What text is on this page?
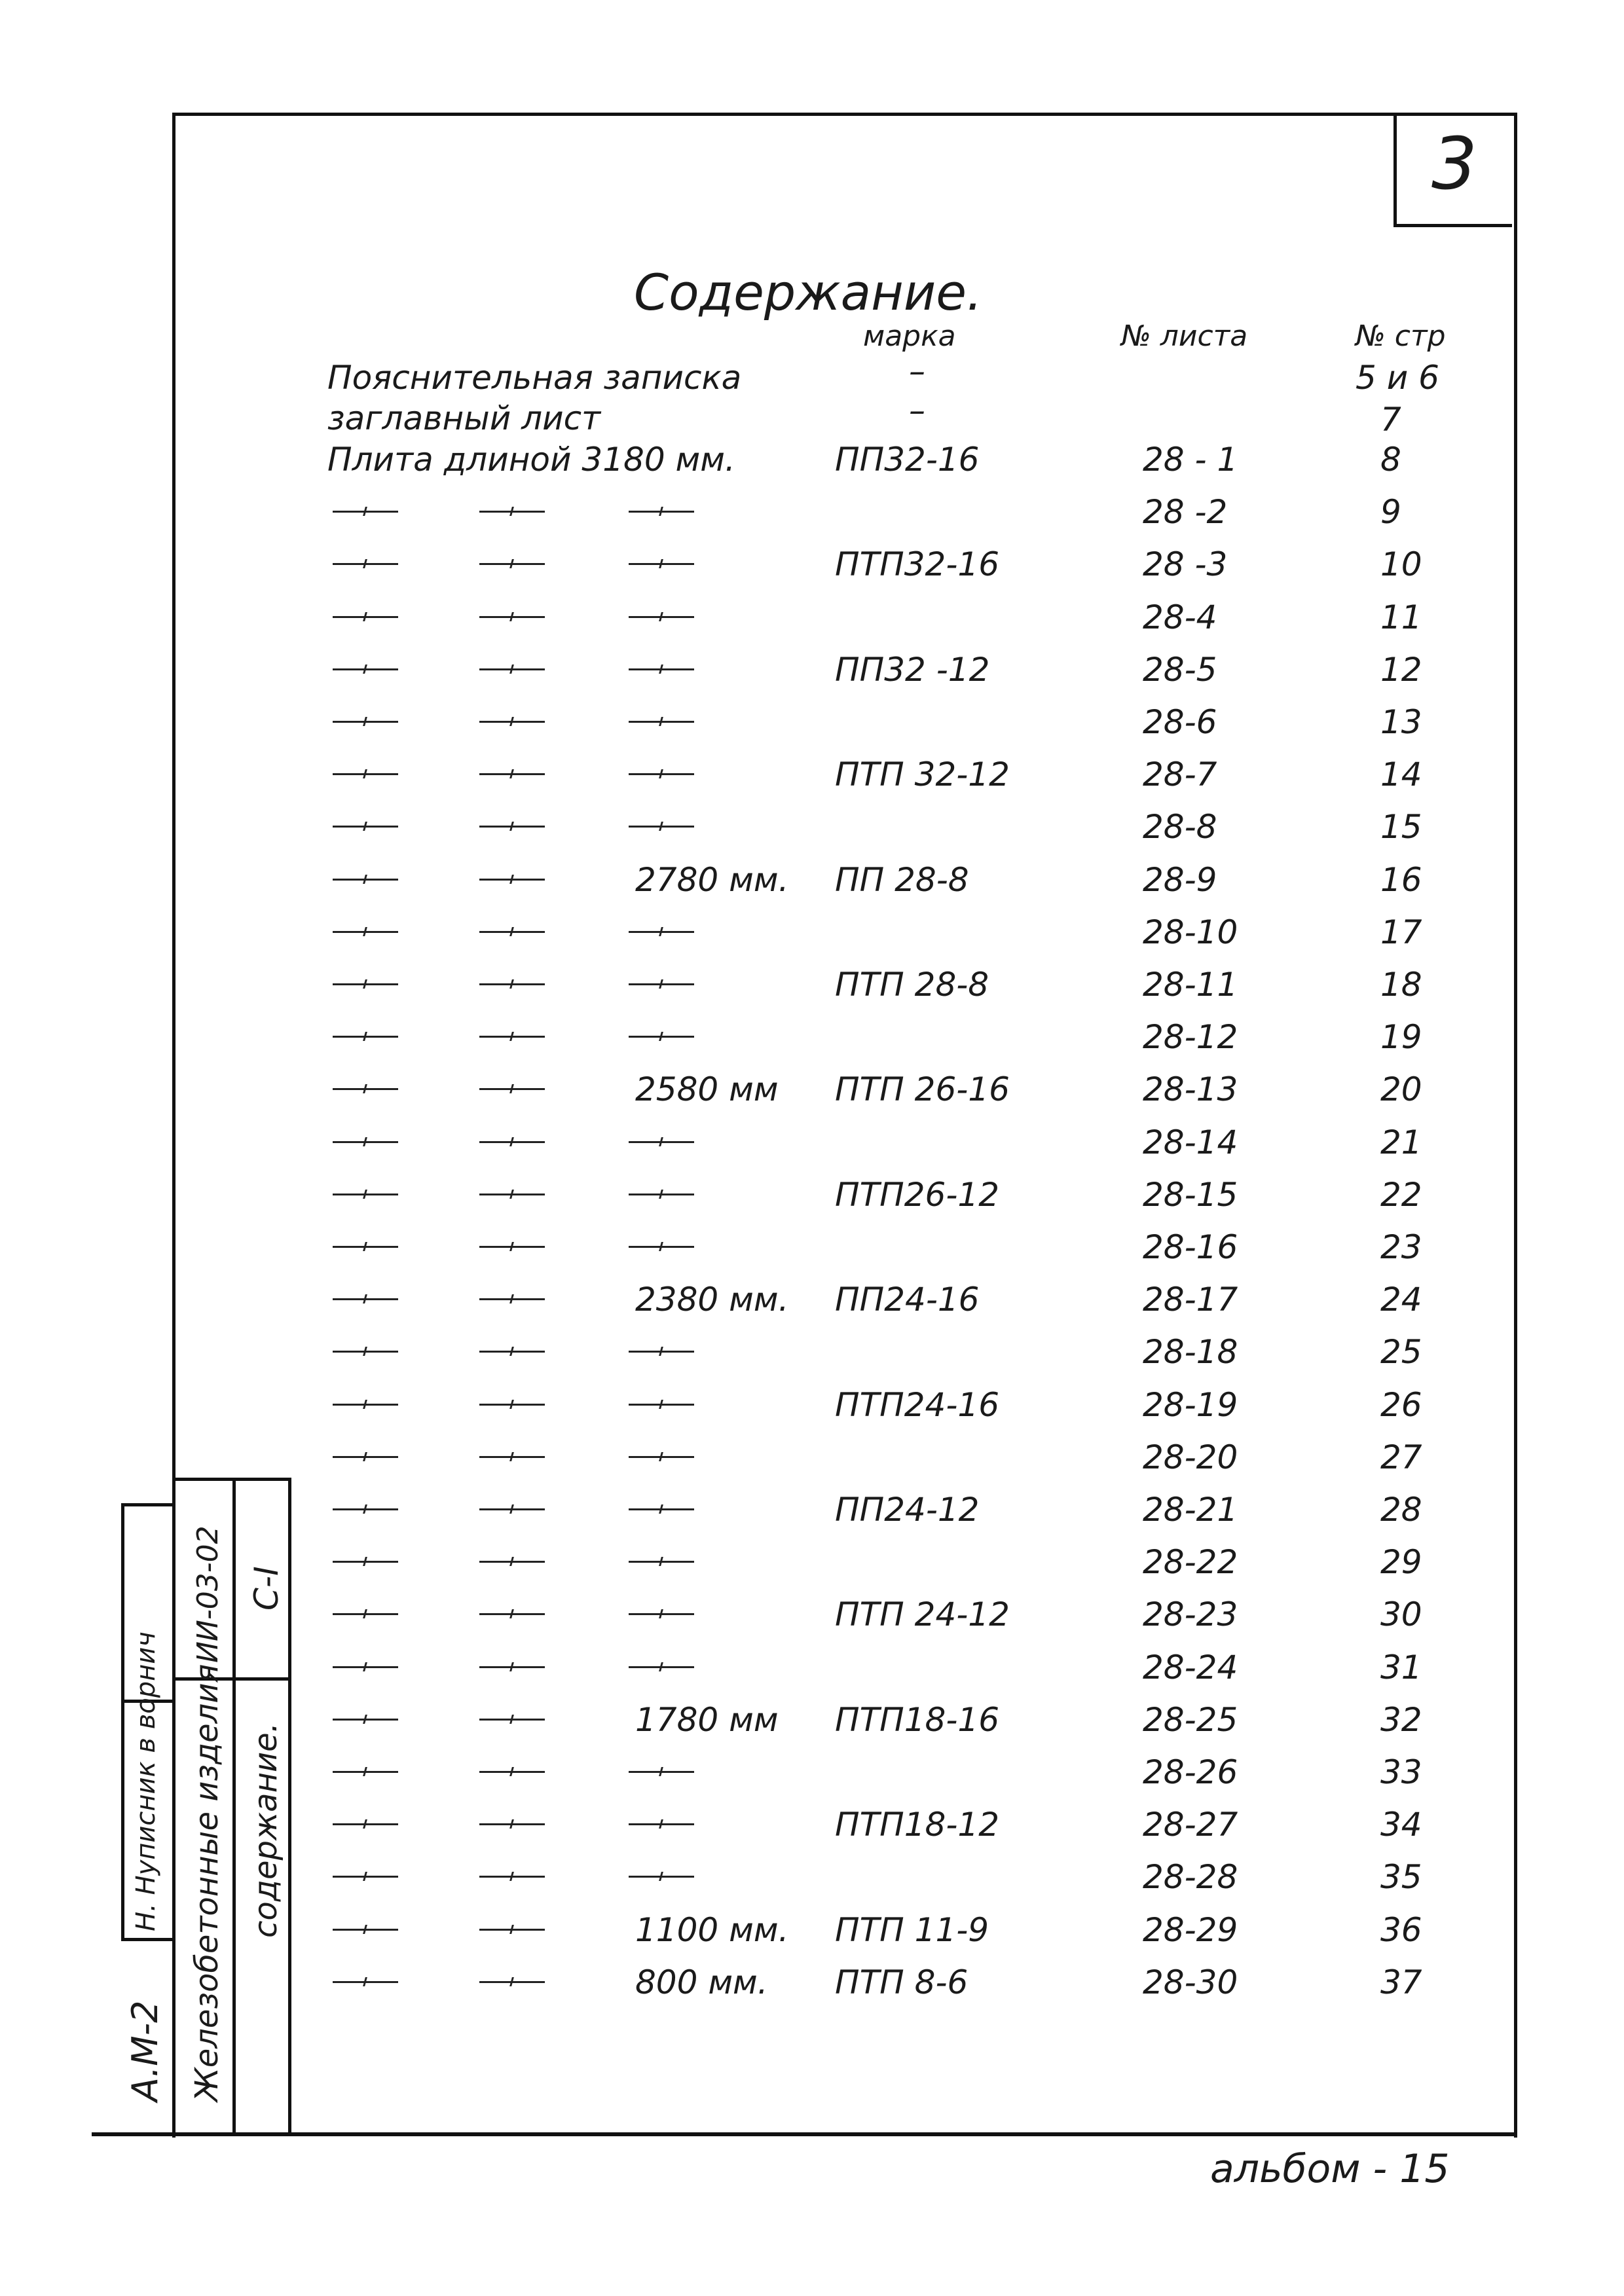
3
Содержание.
марка	№ листа	№ стр
Пояснительная записка	–	5 и 6
заглавный лист	–	7
Плита длиной 3180 мм.	ПП32-16	28 - 1	8
28 -2	9
ПТП32-16	28 -3	10
28-4	11
ПП32 -12	28-5	12
28-6	13
ПТП 32-12	28-7	14
28-8	15
2780 мм. ПП 28-8	28-9	16
28-10	17
ПТП 28-8	28-11	18
28-12	19
2580 мм ПТП 26-16	28-13	20
28-14	21
ПТП26-12	28-15	22
28-16	23
2380 мм. ПП24-16	28-17	24
28-18	25
ПТП24-16	28-19	26
28-20	27
ПП24-12	28-21	28
28-22	29
ПТП 24-12	28-23	30
28-24	31
1780 мм ПТП18-16	28-25	32
28-26	33
ПТП18-12	28-27	34
28-28	35
1100 мм. ПТП 11-9	28-29	36
800 мм. ПТП 8-6	28-30	37
ИИ-03-02 С-I
Железобетонные изделия содержание.
Н. Нуписник в ворнич
А.М-2
альбом - 15
